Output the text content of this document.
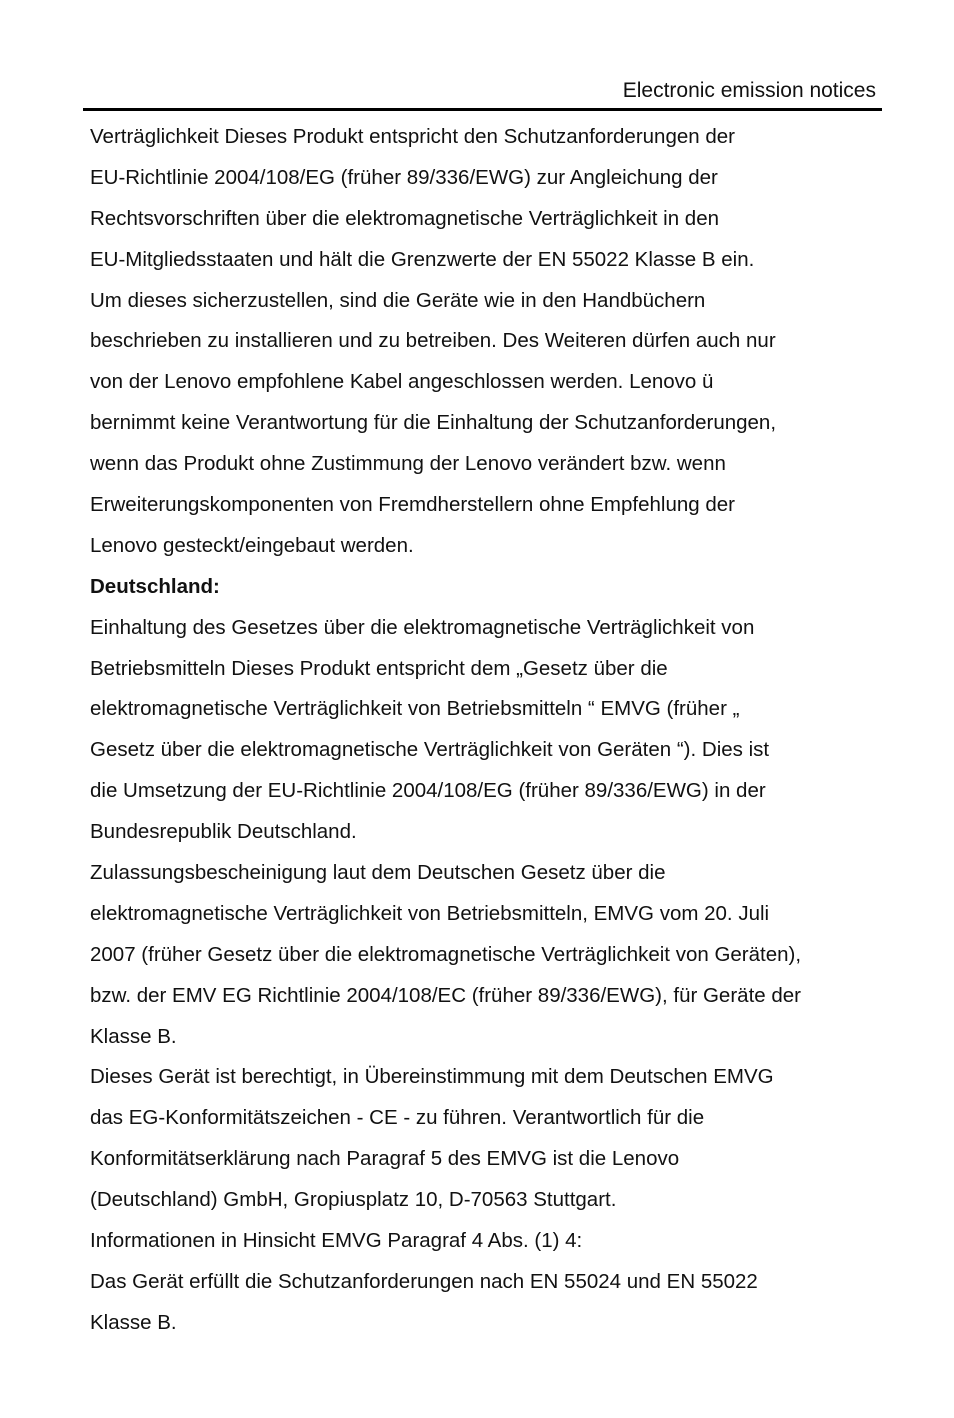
Electronic emission notices
Verträglichkeit Dieses Produkt entspricht den Schutzanforderungen der
EU-Richtlinie 2004/108/EG (früher 89/336/EWG) zur Angleichung der
Rechtsvorschriften über die elektromagnetische Verträglichkeit in den
EU-Mitgliedsstaaten und hält die Grenzwerte der EN 55022 Klasse B ein.
Um dieses sicherzustellen, sind die Geräte wie in den Handbüchern
beschrieben zu installieren und zu betreiben. Des Weiteren dürfen auch nur
von der Lenovo empfohlene Kabel angeschlossen werden. Lenovo ü
bernimmt keine Verantwortung für die Einhaltung der Schutzanforderungen,
wenn das Produkt ohne Zustimmung der Lenovo verändert bzw. wenn
Erweiterungskomponenten von Fremdherstellern ohne Empfehlung der
Lenovo gesteckt/eingebaut werden.
Deutschland:
Einhaltung des Gesetzes über die elektromagnetische Verträglichkeit von
Betriebsmitteln Dieses Produkt entspricht dem „Gesetz über die
elektromagnetische Verträglichkeit von Betriebsmitteln “ EMVG (früher „
Gesetz über die elektromagnetische Verträglichkeit von Geräten “). Dies ist
die Umsetzung der EU-Richtlinie 2004/108/EG (früher 89/336/EWG) in der
Bundesrepublik Deutschland.
Zulassungsbescheinigung laut dem Deutschen Gesetz über die
elektromagnetische Verträglichkeit von Betriebsmitteln, EMVG vom 20. Juli
2007 (früher Gesetz über die elektromagnetische Verträglichkeit von Geräten),
bzw. der EMV EG Richtlinie 2004/108/EC (früher 89/336/EWG), für Geräte der
Klasse B.
Dieses Gerät ist berechtigt, in Übereinstimmung mit dem Deutschen EMVG
das EG-Konformitätszeichen - CE - zu führen. Verantwortlich für die
Konformitätserklärung nach Paragraf 5 des EMVG ist die Lenovo
(Deutschland) GmbH, Gropiusplatz 10, D-70563 Stuttgart.
Informationen in Hinsicht EMVG Paragraf 4 Abs. (1) 4:
Das Gerät erfüllt die Schutzanforderungen nach EN 55024 und EN 55022
Klasse B.
